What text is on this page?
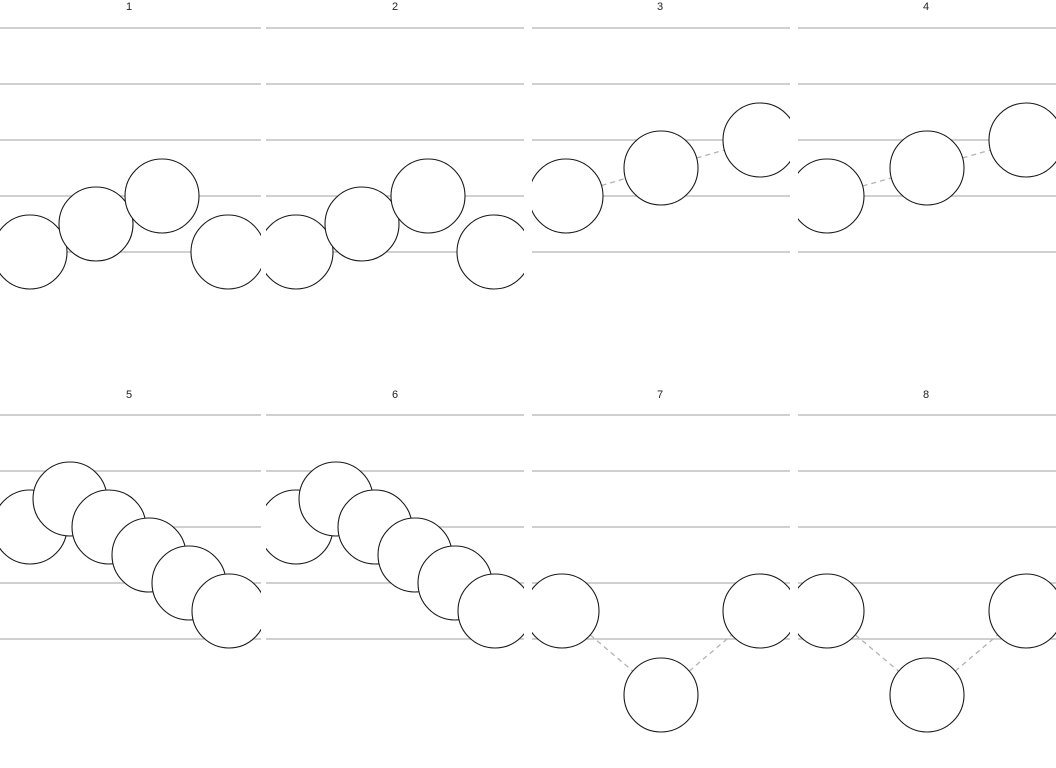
1	2	3	4
5	6	7	8
